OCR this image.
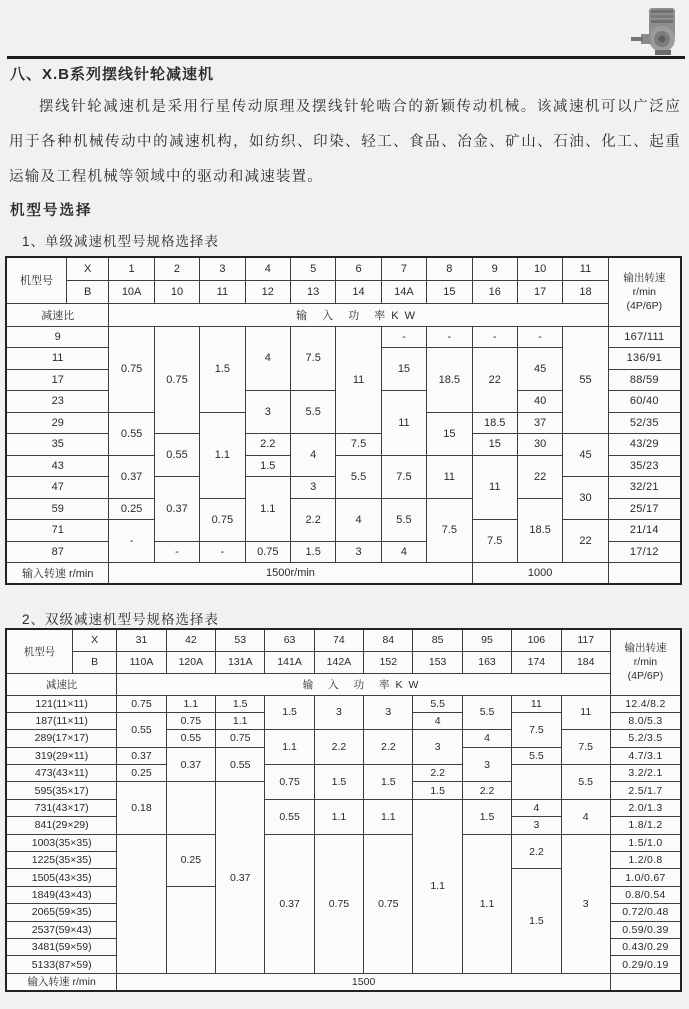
八、X.B系列摆线针轮减速机
摆线针轮减速机是采用行星传动原理及摆线针轮啮合的新颖传动机械。该减速机可以广泛应用于各种机械传动中的减速机构，如纺织、印染、轻工、食品、冶金、矿山、石油、化工、起重运输及工程机械等领域中的驱动和减速装置。
机型号选择
1、单级减速机型号规格选择表
机型号	X	1	2	3	4	5	6	7	8	9	10	11	输出转速
r/min
(4P/6P)

	B	10A	10	11	12	13	14	14A	15	16	17	18	
减速比		输 入 功 率KW											
9		0.75	0.75	1.5	4	7.5	11	-	-	-	-	55	167/111
11								15	18.5	22	45		136/91
17													88/59
23					3	5.5		11			40		60/40
29		0.55		1.1					15	18.5	37		52/35
35			0.55		2.2	4	7.5			15	30	45	43/29
43		0.37			1.5		5.5	7.5	11	11	22		35/23
47			0.37		1.1	3						30	32/21
59		0.25		0.75		2.2	4	5.5	7.5		18.5		25/17
71		-								7.5		22	21/14
87			-	-	0.75	1.5	3	4					17/12
输入转速 r/min		1500r/min								1000			
2、双级减速机型号规格选择表
机型号	X	31	42	53	63	74	84	85	95	106	117	输出转速
r/min
(4P/6P)

	B	110A	120A	131A	141A	142A	152	153	163	174	184	
减速比		输 入 功 率KW										
121(11×11)		0.75	1.1	1.5	1.5	3	3	5.5	5.5	11	11	12.4/8.2
187(11×11)		0.55	0.75	1.1				4		7.5		8.0/5.3
289(17×17)			0.55	0.75	1.1	2.2	2.2	3	4		7.5	5.2/3.5
319(29×11)		0.37	0.37	0.55					3	5.5		4.7/3.1
473(43×11)		0.25			0.75	1.5	1.5	2.2			5.5	3.2/2.1
595(35×17)		0.18		0.37				1.5	2.2			2.5/1.7
731(43×17)					0.55	1.1	1.1	1.1	1.5	4	4	2.0/1.3
841(29×29)										3		1.8/1.2
1003(35×35)			0.25		0.37	0.75	0.75		1.1	2.2	3	1.5/1.0
1225(35×35)												1.2/0.8
1505(43×35)										1.5		1.0/0.67
1849(43×43)												0.8/0.54
2065(59×35)												0.72/0.48
2537(59×43)												0.59/0.39
3481(59×59)												0.43/0.29
5133(87×59)												0.29/0.19
输入转速 r/min		1500										
